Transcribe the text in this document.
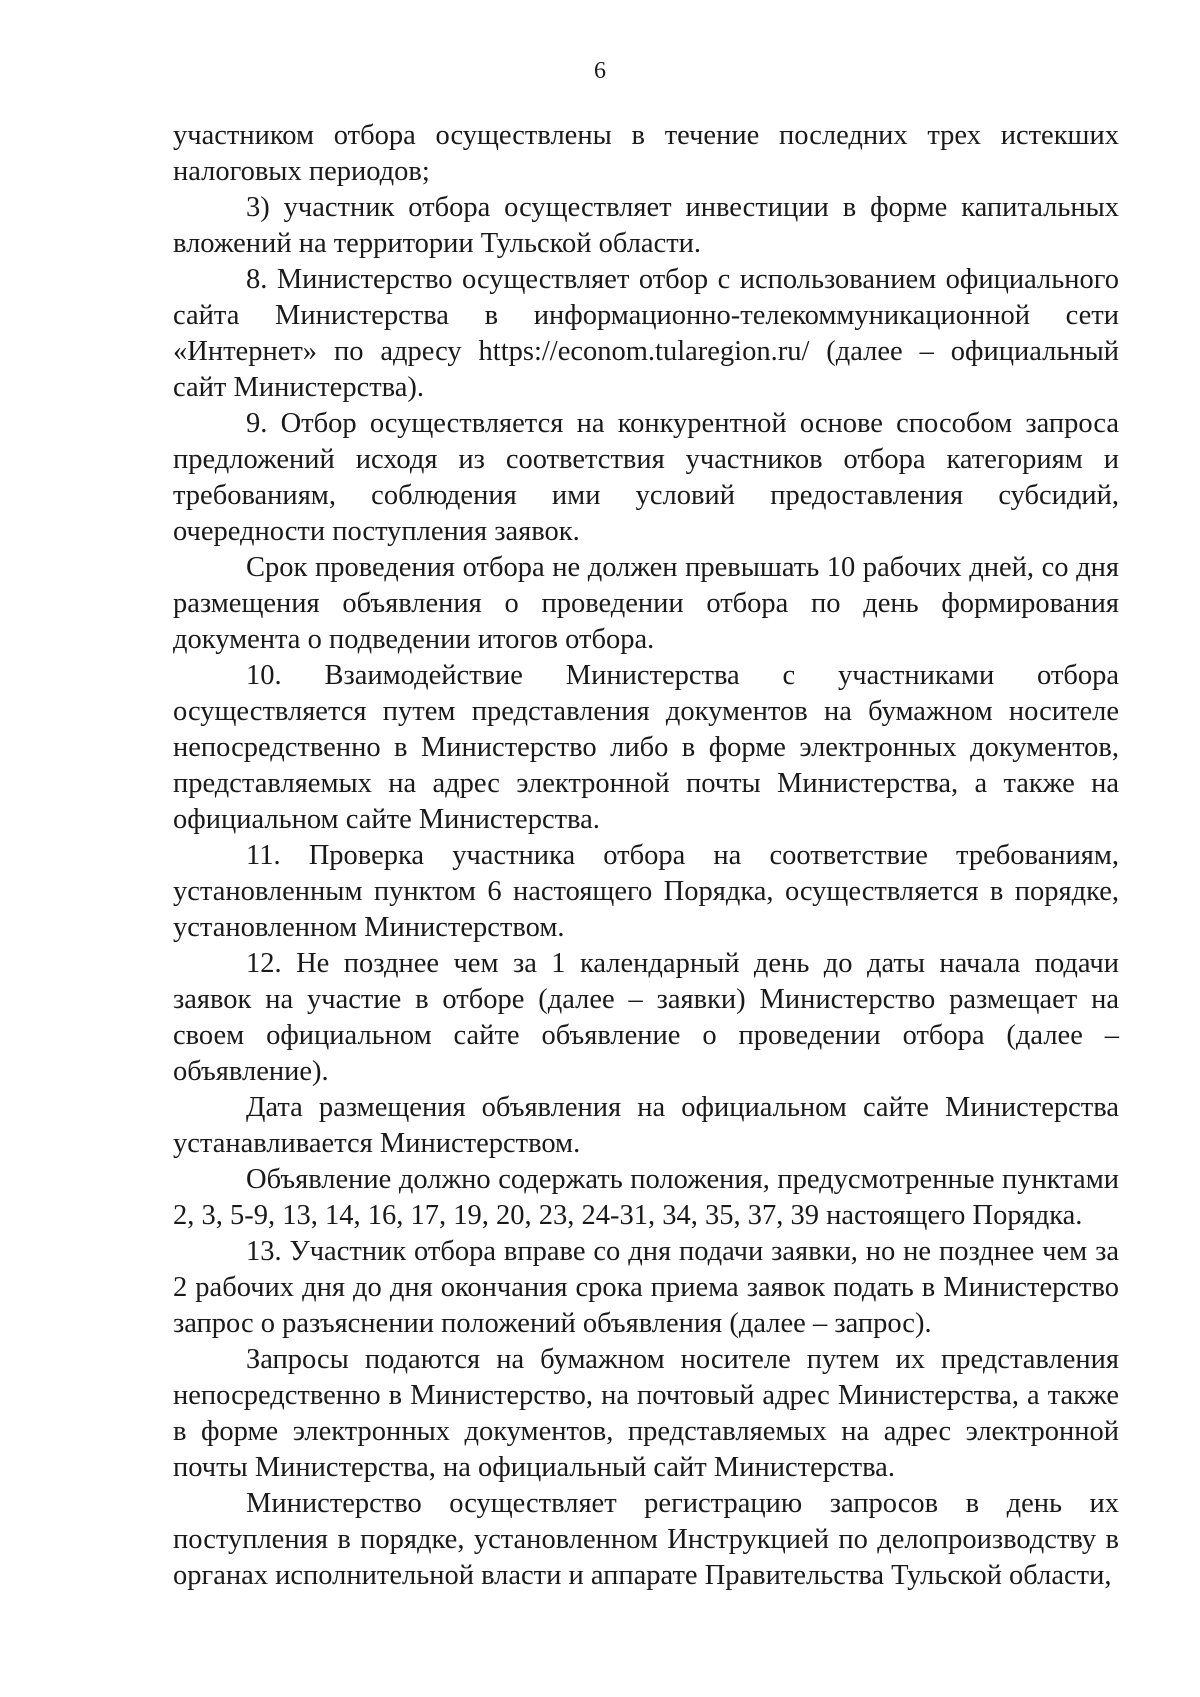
6

участником отбора осуществлены в течение последних трех истекших налоговых периодов;

3) участник отбора осуществляет инвестиции в форме капитальных вложений на территории Тульской области.

8. Министерство осуществляет отбор с использованием официального сайта Министерства в информационно-телекоммуникационной сети «Интернет» по адресу https://econom.tularegion.ru/ (далее – официальный сайт Министерства).

9. Отбор осуществляется на конкурентной основе способом запроса предложений исходя из соответствия участников отбора категориям и требованиям, соблюдения ими условий предоставления субсидий, очередности поступления заявок.

Срок проведения отбора не должен превышать 10 рабочих дней, со дня размещения объявления о проведении отбора по день формирования документа о подведении итогов отбора.

10. Взаимодействие Министерства с участниками отбора осуществляется путем представления документов на бумажном носителе непосредственно в Министерство либо в форме электронных документов, представляемых на адрес электронной почты Министерства, а также на официальном сайте Министерства.

11. Проверка участника отбора на соответствие требованиям, установленным пунктом 6 настоящего Порядка, осуществляется в порядке, установленном Министерством.

12. Не позднее чем за 1 календарный день до даты начала подачи заявок на участие в отборе (далее – заявки) Министерство размещает на своем официальном сайте объявление о проведении отбора (далее – объявление).

Дата размещения объявления на официальном сайте Министерства устанавливается Министерством.

Объявление должно содержать положения, предусмотренные пунктами 2, 3, 5-9, 13, 14, 16, 17, 19, 20, 23, 24-31, 34, 35, 37, 39 настоящего Порядка.

13. Участник отбора вправе со дня подачи заявки, но не позднее чем за 2 рабочих дня до дня окончания срока приема заявок подать в Министерство запрос о разъяснении положений объявления (далее – запрос).

Запросы подаются на бумажном носителе путем их представления непосредственно в Министерство, на почтовый адрес Министерства, а также в форме электронных документов, представляемых на адрес электронной почты Министерства, на официальный сайт Министерства.

Министерство осуществляет регистрацию запросов в день их поступления в порядке, установленном Инструкцией по делопроизводству в органах исполнительной власти и аппарате Правительства Тульской области,
